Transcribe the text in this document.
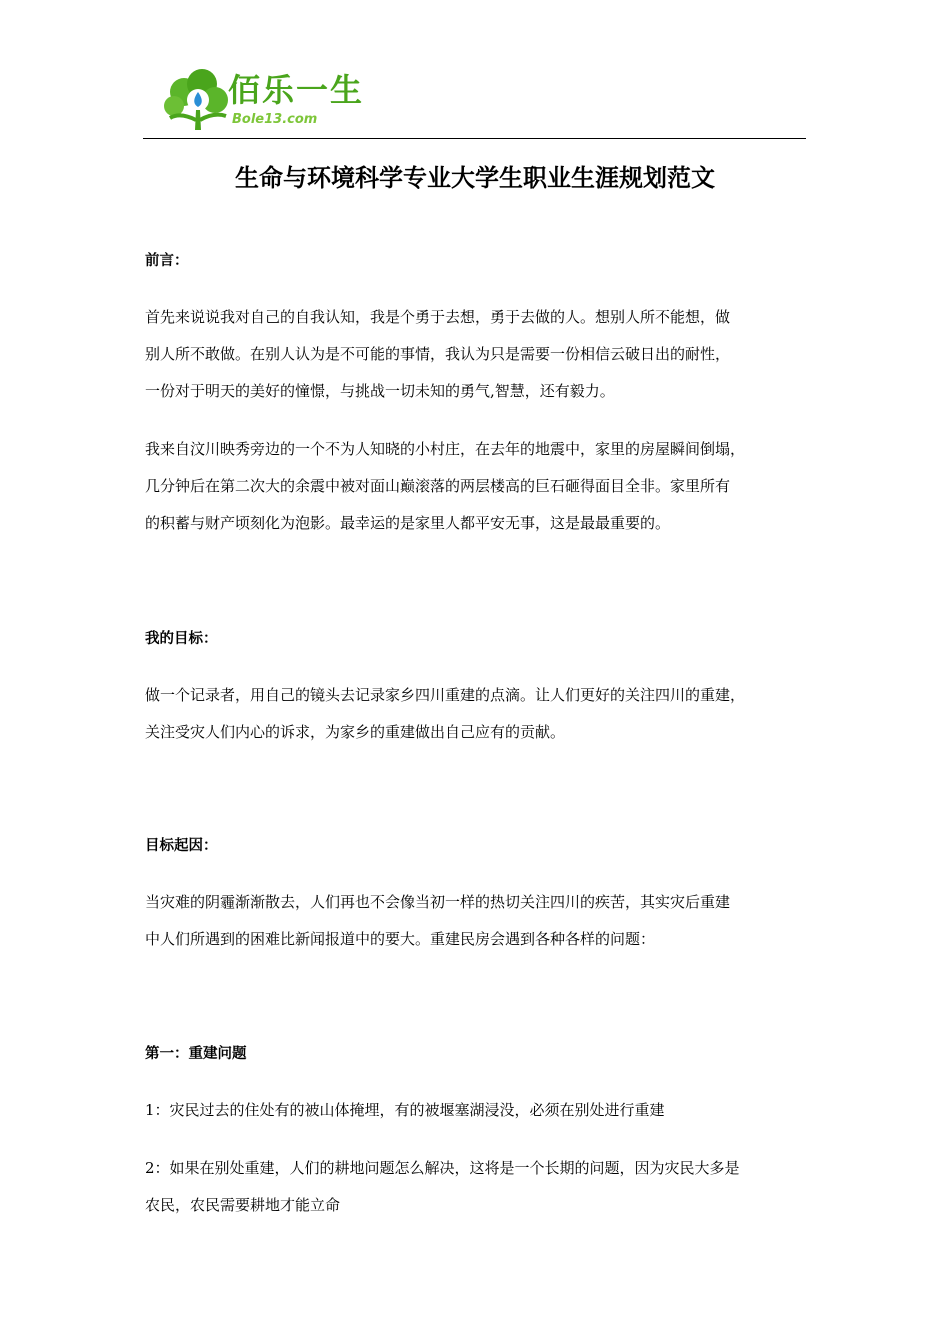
佰乐一生
Bole13.com
生命与环境科学专业大学生职业生涯规划范文
前言：
首先来说说我对自己的自我认知，我是个勇于去想，勇于去做的人。想别人所不能想，做
别人所不敢做。在别人认为是不可能的事情，我认为只是需要一份相信云破日出的耐性，
一份对于明天的美好的憧憬，与挑战一切未知的勇气,智慧，还有毅力。
我来自汶川映秀旁边的一个不为人知晓的小村庄，在去年的地震中，家里的房屋瞬间倒塌，
几分钟后在第二次大的余震中被对面山巅滚落的两层楼高的巨石砸得面目全非。家里所有
的积蓄与财产顷刻化为泡影。最幸运的是家里人都平安无事，这是最最重要的。
我的目标：
做一个记录者，用自己的镜头去记录家乡四川重建的点滴。让人们更好的关注四川的重建，
关注受灾人们内心的诉求，为家乡的重建做出自己应有的贡献。
目标起因：
当灾难的阴霾渐渐散去，人们再也不会像当初一样的热切关注四川的疾苦，其实灾后重建
中人们所遇到的困难比新闻报道中的要大。重建民房会遇到各种各样的问题：
第一：重建问题
1：灾民过去的住处有的被山体掩埋，有的被堰塞湖浸没，必须在别处进行重建
2：如果在别处重建，人们的耕地问题怎么解决，这将是一个长期的问题，因为灾民大多是
农民，农民需要耕地才能立命
